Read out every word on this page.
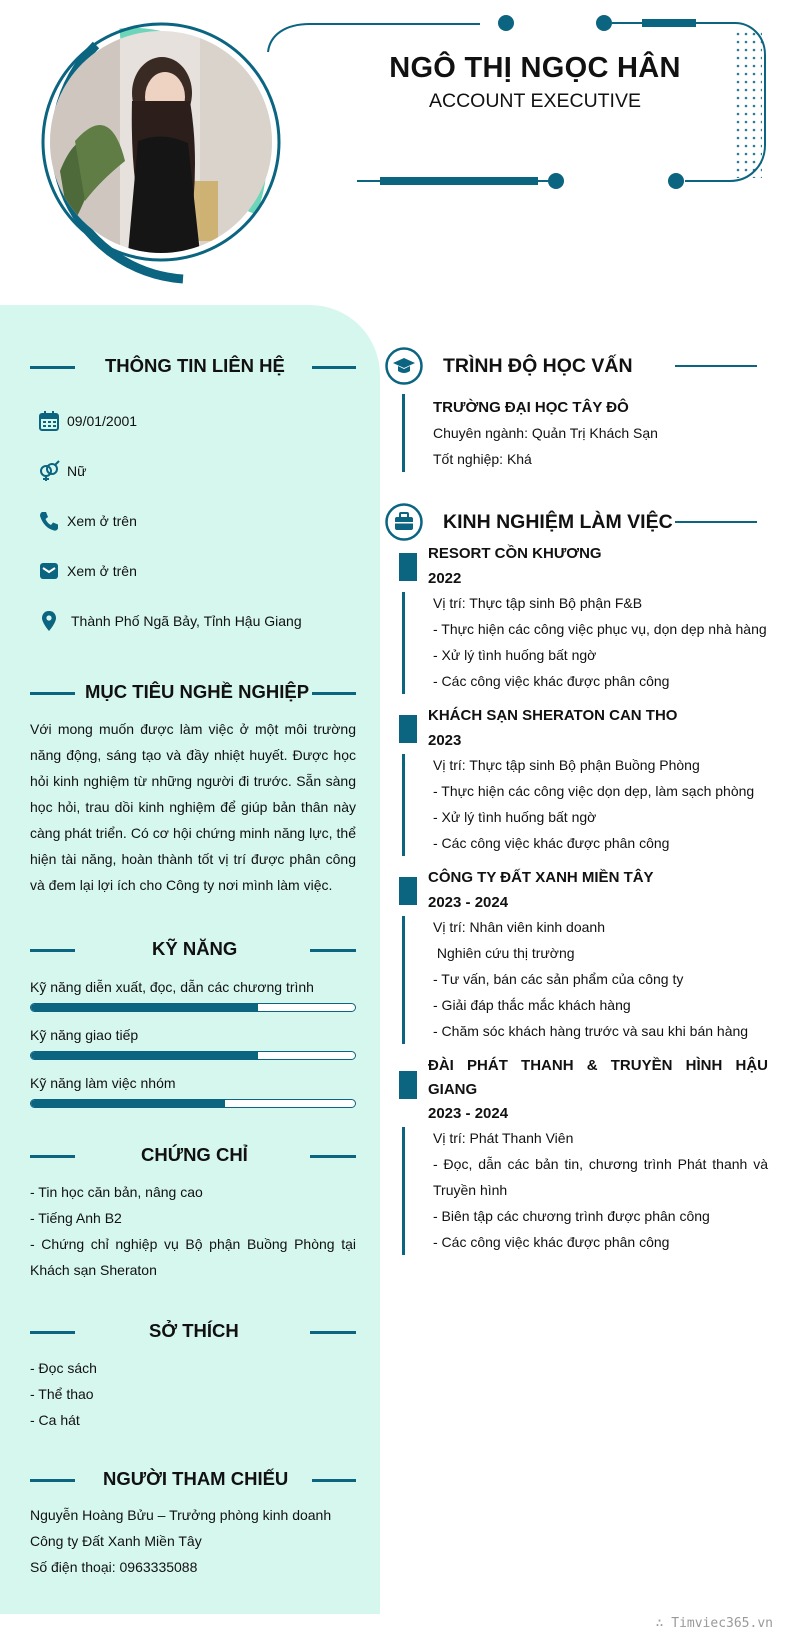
NGÔ THỊ NGỌC HÂN
ACCOUNT EXECUTIVE
THÔNG TIN LIÊN HỆ
09/01/2001
Nữ
Xem ở trên
Xem ở trên
Thành Phố Ngã Bảy, Tỉnh Hậu Giang
MỤC TIÊU NGHỀ NGHIỆP
Với mong muốn được làm việc ở một môi trường năng động, sáng tạo và đầy nhiệt huyết. Được học hỏi kinh nghiệm từ những người đi trước. Sẵn sàng học hỏi, trau dồi kinh nghiệm để giúp bản thân này càng phát triển. Có cơ hội chứng minh năng lực, thể hiện tài năng, hoàn thành tốt vị trí được phân công và đem lại lợi ích cho Công ty nơi mình làm việc.
KỸ NĂNG
Kỹ năng diễn xuất, đọc, dẫn các chương trình
Kỹ năng giao tiếp
Kỹ năng làm việc nhóm
CHỨNG CHỈ
- Tin học căn bản, nâng cao
- Tiếng Anh B2
- Chứng chỉ nghiệp vụ Bộ phận Buồng Phòng tại Khách sạn Sheraton
SỞ THÍCH
- Đọc sách
- Thể thao
- Ca hát
NGƯỜI THAM CHIẾU
Nguyễn Hoàng Bửu – Trưởng phòng kinh doanh
Công ty Đất Xanh Miền Tây
Số điện thoại: 0963335088
TRÌNH ĐỘ HỌC VẤN
TRƯỜNG ĐẠI HỌC TÂY ĐÔ
Chuyên ngành: Quản Trị Khách Sạn
Tốt nghiệp: Khá
KINH NGHIỆM LÀM VIỆC
RESORT CỒN KHƯƠNG
2022
Vị trí: Thực tập sinh Bộ phận F&B
- Thực hiện các công việc phục vụ, dọn dẹp nhà hàng
- Xử lý tình huống bất ngờ
- Các công việc khác được phân công
KHÁCH SẠN SHERATON CAN THO
2023
Vị trí: Thực tập sinh Bộ phận Buồng Phòng
- Thực hiện các công việc dọn dẹp, làm sạch phòng
- Xử lý tình huống bất ngờ
- Các công việc khác được phân công
CÔNG TY ĐẤT XANH MIỀN TÂY
2023 - 2024
Vị trí: Nhân viên kinh doanh
Nghiên cứu thị trường
- Tư vấn, bán các sản phẩm của công ty
- Giải đáp thắc mắc khách hàng
- Chăm sóc khách hàng trước và sau khi bán hàng
ĐÀI PHÁT THANH & TRUYỀN HÌNH HẬU GIANG
2023 - 2024
Vị trí: Phát Thanh Viên
- Đọc, dẫn các bản tin, chương trình Phát thanh và Truyền hình
- Biên tập các chương trình được phân công
- Các công việc khác được phân công
∴ Timviec365.vn
